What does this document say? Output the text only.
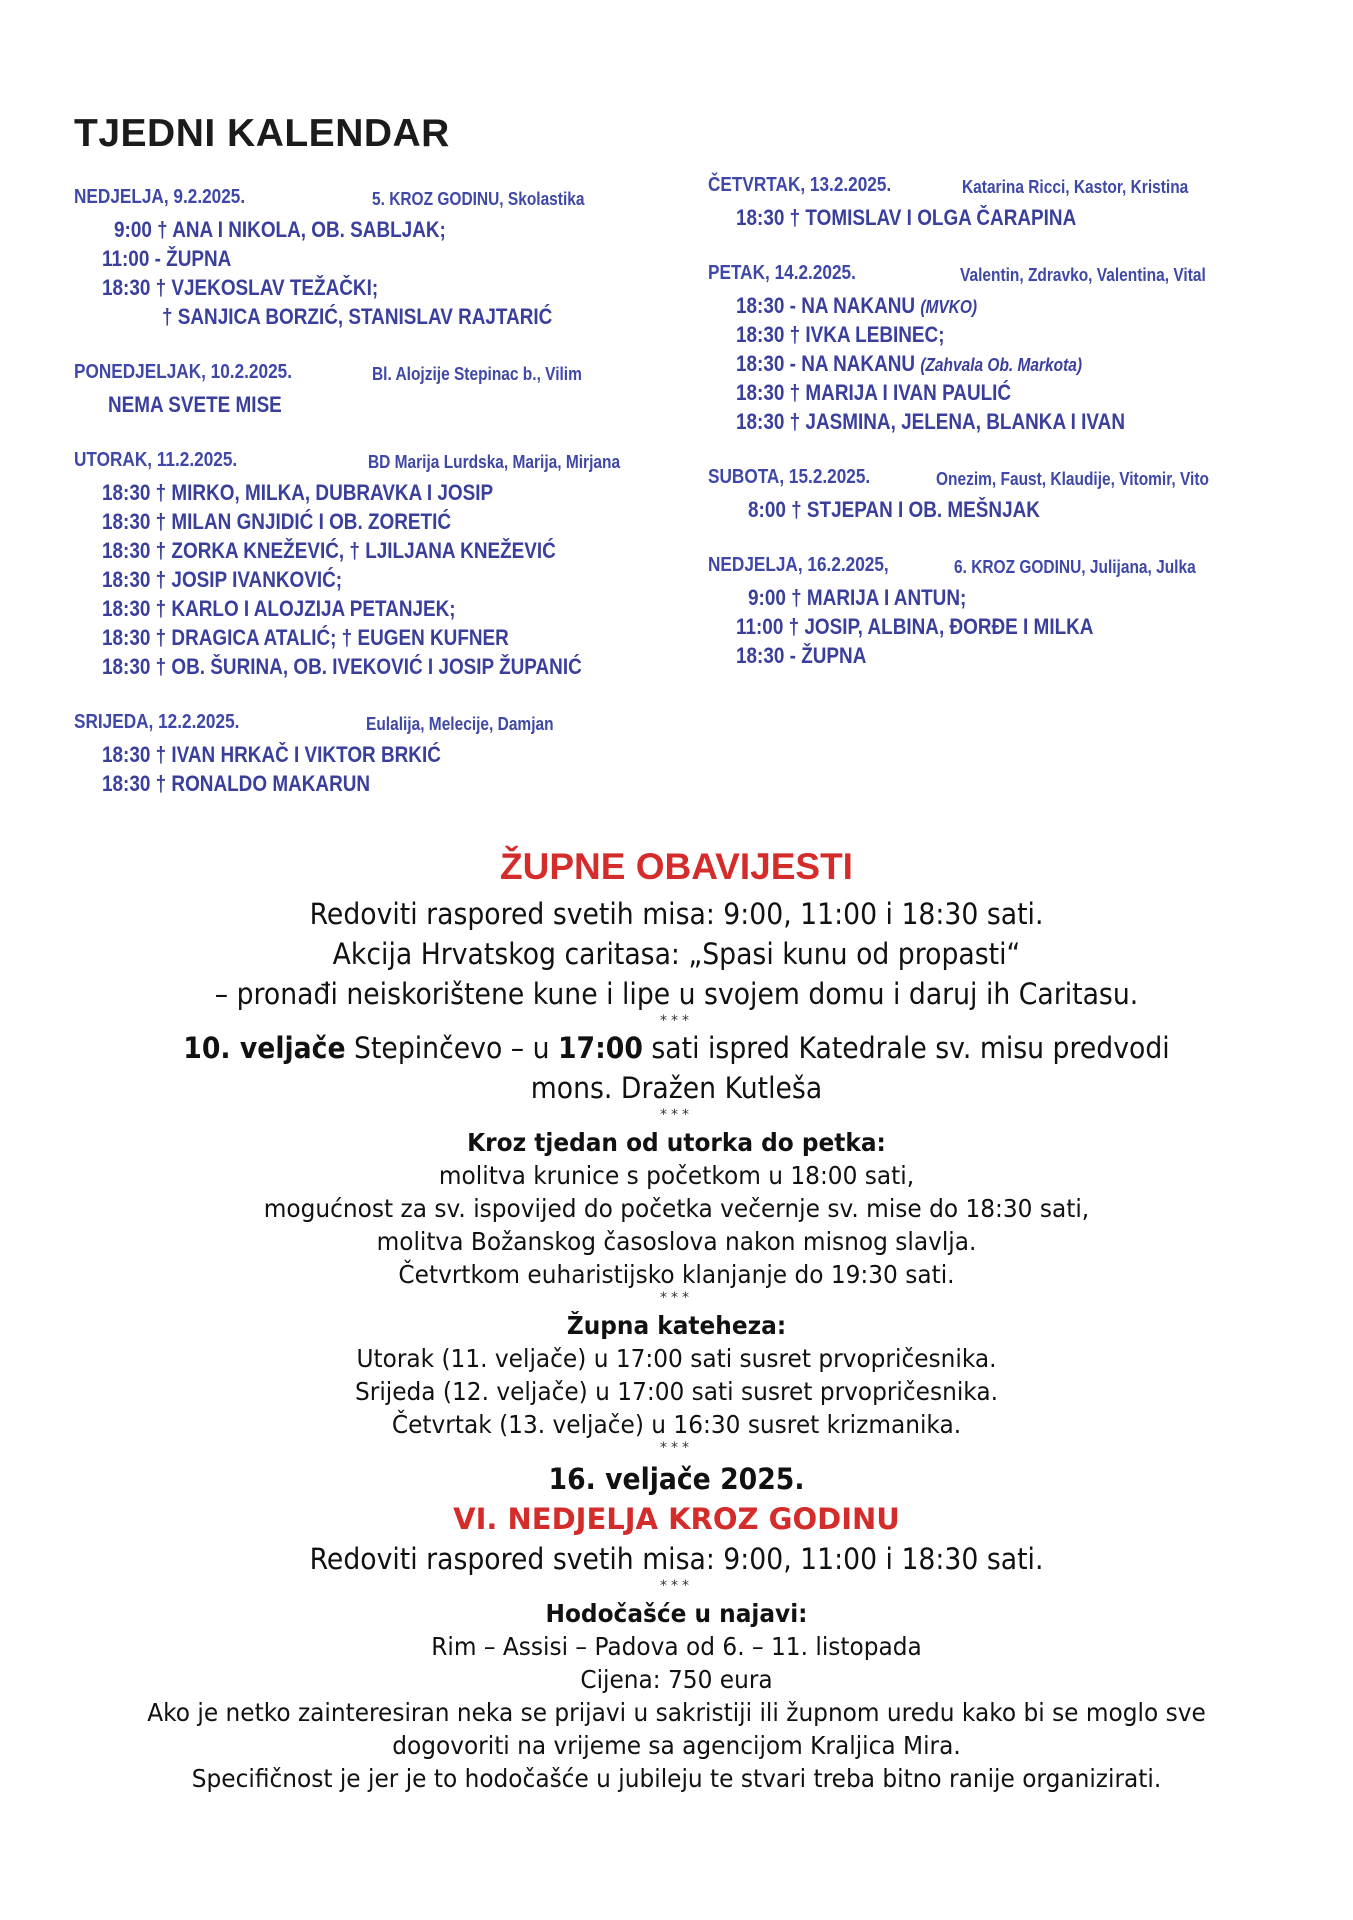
TJEDNI KALENDAR
NEDJELJA, 9.2.2025.	5. KROZ GODINU, Skolastika
9:00 † ANA I NIKOLA, OB. SABLJAK;
11:00 - ŽUPNA
18:30 † VJEKOSLAV TEŽAČKI;
† SANJICA BORZIĆ, STANISLAV RAJTARIĆ
PONEDJELJAK, 10.2.2025.	Bl. Alojzije Stepinac b., Vilim
NEMA SVETE MISE
UTORAK, 11.2.2025.	BD Marija Lurdska, Marija, Mirjana
18:30 † MIRKO, MILKA, DUBRAVKA I JOSIP
18:30 † MILAN GNJIDIĆ I OB. ZORETIĆ
18:30 † ZORKA KNEŽEVIĆ, † LJILJANA KNEŽEVIĆ
18:30 † JOSIP IVANKOVIĆ;
18:30 † KARLO I ALOJZIJA PETANJEK;
18:30 † DRAGICA ATALIĆ; † EUGEN KUFNER
18:30 † OB. ŠURINA, OB. IVEKOVIĆ I JOSIP ŽUPANIĆ
SRIJEDA, 12.2.2025.	Eulalija, Melecije, Damjan
18:30 † IVAN HRKAČ I VIKTOR BRKIĆ
18:30 † RONALDO MAKARUN
ČETVRTAK, 13.2.2025.	Katarina Ricci, Kastor, Kristina
18:30 † TOMISLAV I OLGA ČARAPINA
PETAK, 14.2.2025.	Valentin, Zdravko, Valentina, Vital
18:30 - NA NAKANU (MVKO)
18:30 † IVKA LEBINEC;
18:30 - NA NAKANU (Zahvala Ob. Markota)
18:30 † MARIJA I IVAN PAULIĆ
18:30 † JASMINA, JELENA, BLANKA I IVAN
SUBOTA, 15.2.2025.	Onezim, Faust, Klaudije, Vitomir, Vito
8:00 † STJEPAN I OB. MEŠNJAK
NEDJELJA, 16.2.2025,	6. KROZ GODINU, Julijana, Julka
9:00 † MARIJA I ANTUN;
11:00 † JOSIP, ALBINA, ĐORĐE I MILKA
18:30 - ŽUPNA
ŽUPNE OBAVIJESTI
Redoviti raspored svetih misa: 9:00, 11:00 i 18:30 sati.
Akcija Hrvatskog caritasa: „Spasi kunu od propasti“
– pronađi neiskorištene kune i lipe u svojem domu i daruj ih Caritasu.
***
10. veljače Stepinčevo – u 17:00 sati ispred Katedrale sv. misu predvodi
mons. Dražen Kutleša
***
Kroz tjedan od utorka do petka:
molitva krunice s početkom u 18:00 sati,
mogućnost za sv. ispovijed do početka večernje sv. mise do 18:30 sati,
molitva Božanskog časoslova nakon misnog slavlja.
Četvrtkom euharistijsko klanjanje do 19:30 sati.
***
Župna kateheza:
Utorak (11. veljače) u 17:00 sati susret prvopričesnika.
Srijeda (12. veljače) u 17:00 sati susret prvopričesnika.
Četvrtak (13. veljače) u 16:30 susret krizmanika.
***
16. veljače 2025.
VI. NEDJELJA KROZ GODINU
Redoviti raspored svetih misa: 9:00, 11:00 i 18:30 sati.
***
Hodočašće u najavi:
Rim – Assisi – Padova od 6. – 11. listopada
Cijena: 750 eura
Ako je netko zainteresiran neka se prijavi u sakristiji ili župnom uredu kako bi se moglo sve
dogovoriti na vrijeme sa agencijom Kraljica Mira.
Specifičnost je jer je to hodočašće u jubileju te stvari treba bitno ranije organizirati.
